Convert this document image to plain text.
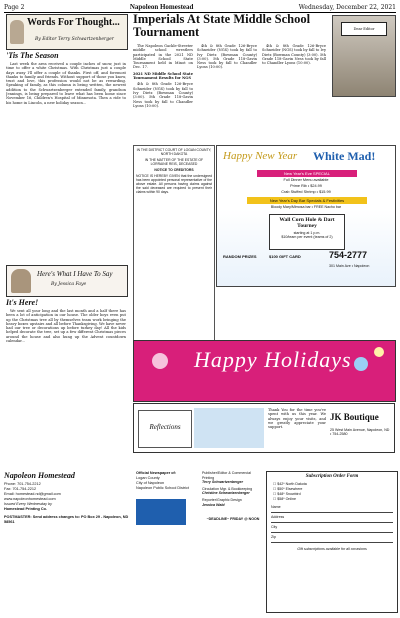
Page 2	Napoleon Homestead	Wednesday, December 22, 2021
Words For Thought...
By Editor Terry Schwartzenberger
'Tis The Season

Last week the area received a couple inches of snow, just in time to offer a white Christmas. With Christmas just a couple days away I'll offer a couple of thanks. First off, and foremost thanks to family and friends. Without support of those you know, trust and love, this profession would not be as rewarding. Speaking of family, as this column is being written, the newest addition to the Schwartzenberger extended family, grandson Jennings, is being prepared to leave what has been home since November 16, Children's Hospital of Minnesota. Then a ride to his home in Lincoln, a new holiday season...

Here's What I Have To Say
By Jessica Faye
It's Here!

We sent all your long and the last month and a half there has been a lot of anticipation in our house. The older boys even put up the Christmas tree all by themselves team work bringing the heavy boxes upstairs and all before Thanksgiving. We have never had our tree or decorations up before turkey day! All the kids helped decorate the tree, set up a few different Christmas pieces around the house and also hung up the Advent countdown calendar...

Imperials At State Middle School Tournament

The Napoleon Gackle-Streeter middle school wrestlers participated in the 2021 ND Middle School State Tournament held in Minot on Dec. 17.

2021 ND Middle School State Tournament Results for NGS

4th & 8th Grade 126-Bryce Schneider (NGS) took by fall to Ivy Dietz (Bowman County) (3:00). 5th Grade 118-Gavin Ness took by fall to Chandler Lyons (10:00).

4th & 8th Grade 126-Bryce Schneider (NGS) took by fall to Ivy Dietz (Bowman County) (3:00). 5th Grade 118-Gavin Ness took by fall to Chandler Lyons (10:00).

4th & 8th Grade 126-Bryce Schneider (NGS) took by fall to Ivy Dietz (Bowman County) (3:00). 5th Grade 118-Gavin Ness took by fall to Chandler Lyons (10:00).

Dear Editor
IN THE DISTRICT COURT OF LOGAN COUNTY, NORTH DAKOTA
IN THE MATTER OF THE ESTATE OF LORRAINE REIS, DECEASED
NOTICE TO CREDITORS
NOTICE IS HEREBY GIVEN that the undersigned has been appointed personal representative of the above estate. All persons having claims against the said deceased are required to present their claims within 90 days.
Happy New Year White Mad!
New Year's Eve SPECIAL
Full Dinner Menu available
Prime Rib • $24.99
Crab Stuffed Shrimp • $15.99
New Year's Day Bar Specials & Festivities
Bloody Mary/Mimosa bar • FREE Nacho bar
Wall Corn Hole & Dart Tourney
starting at 1 p.m.
$10/team per event (teams of 2)
RANDOM PRIZES	$100 GIFT CARD	754-2777
301 Main Ave • Napoleon
Happy Holidays
Reflections
Thank You for the time you've spent with us this year. We always enjoy your visits, and we greatly appreciate your support.
JK Boutique
25 West Main Avenue, Napoleon, ND • 754-2580
Napoleon Homestead
Phone: 701-754-2212
Fax: 701-754-2212
Email: homestead.nd@gmail.com
www.napoleonhomestead.com
Issued Every Wednesday by
Homestead Printing Co.
POSTMASTER: Send address changes to: PO Box 29 - Napoleon, ND 58561
Official Newspaper of:
Logan County
City of Napoleon
Napoleon Public School District
Publisher/Editor & Commercial Printing
Terry Schwartzenberger
Circulation Mgr. & Bookkeeping
Christine Schwartzenberger
Reporter/Graphic Design
Jessica Wald
~DEADLINE~ FRIDAY @ NOON
Subscription Order Form
☐ $42* North Dakota
☐ $50* Elsewhere
☐ $48* Snowbird
☐ $58* Online
Name
Address
City
Zip
Gift subscriptions available for all occasions
